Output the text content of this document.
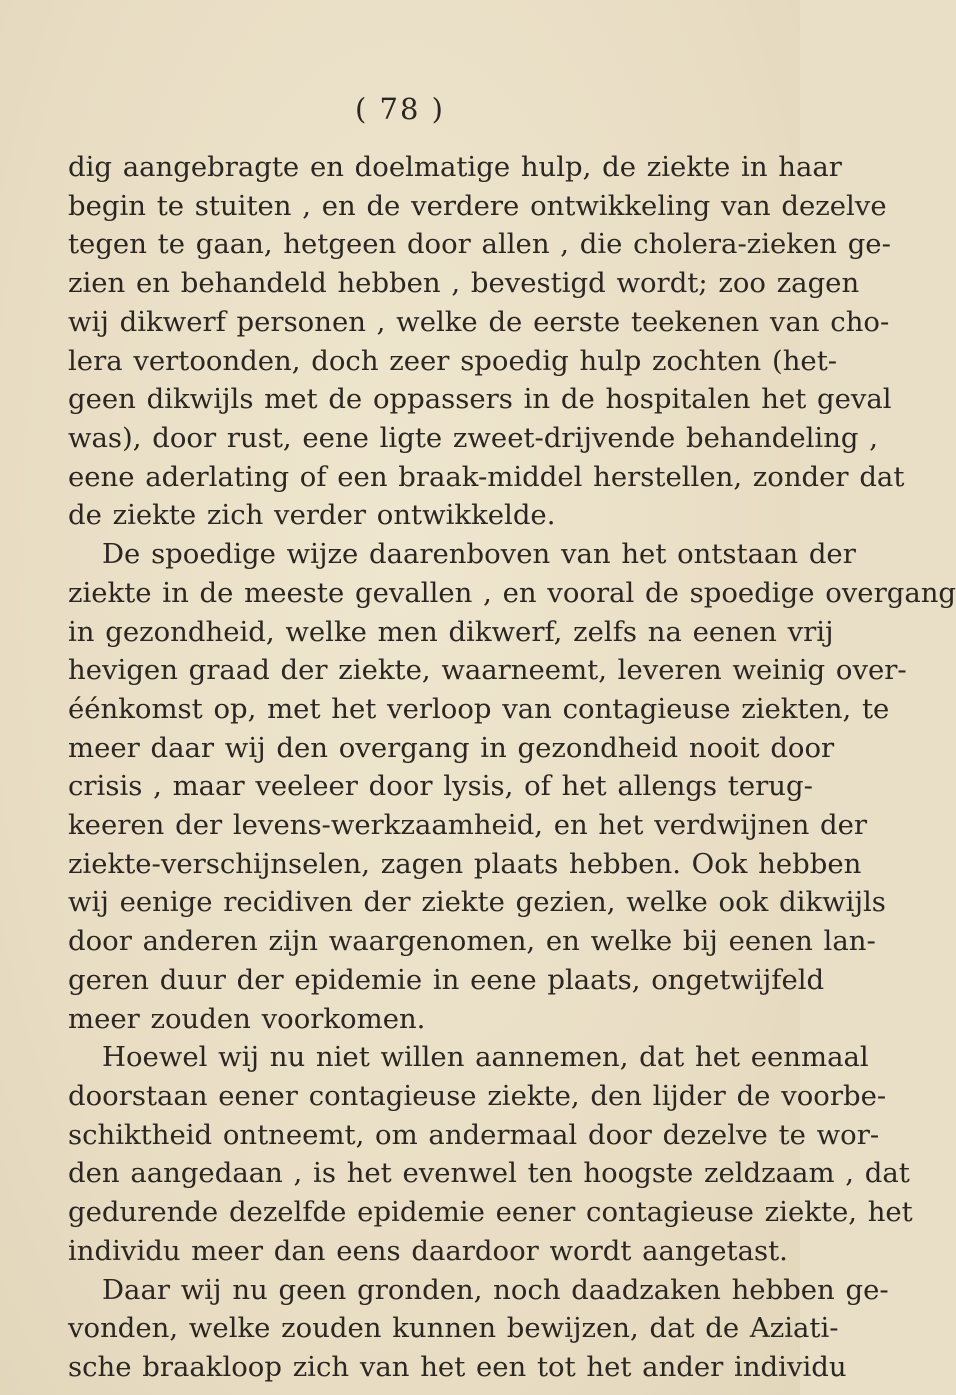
( 78 )
dig aangebragte en doelmatige hulp, de ziekte in haar
begin te stuiten , en de verdere ontwikkeling van dezelve
tegen te gaan, hetgeen door allen , die cholera-zieken ge-
zien en behandeld hebben , bevestigd wordt; zoo zagen
wij dikwerf personen , welke de eerste teekenen van cho-
lera vertoonden, doch zeer spoedig hulp zochten (het-
geen dikwijls met de oppassers in de hospitalen het geval
was), door rust, eene ligte zweet-drijvende behandeling ,
eene aderlating of een braak-middel herstellen, zonder dat
de ziekte zich verder ontwikkelde.
De spoedige wijze daarenboven van het ontstaan der
ziekte in de meeste gevallen , en vooral de spoedige overgang
in gezondheid, welke men dikwerf, zelfs na eenen vrij
hevigen graad der ziekte, waarneemt, leveren weinig over-
éénkomst op, met het verloop van contagieuse ziekten, te
meer daar wij den overgang in gezondheid nooit door
crisis , maar veeleer door lysis, of het allengs terug-
keeren der levens-werkzaamheid, en het verdwijnen der
ziekte-verschijnselen, zagen plaats hebben. Ook hebben
wij eenige recidiven der ziekte gezien, welke ook dikwijls
door anderen zijn waargenomen, en welke bij eenen lan-
geren duur der epidemie in eene plaats, ongetwijfeld
meer zouden voorkomen.
Hoewel wij nu niet willen aannemen, dat het eenmaal
doorstaan eener contagieuse ziekte, den lijder de voorbe-
schiktheid ontneemt, om andermaal door dezelve te wor-
den aangedaan , is het evenwel ten hoogste zeldzaam , dat
gedurende dezelfde epidemie eener contagieuse ziekte, het
individu meer dan eens daardoor wordt aangetast.
Daar wij nu geen gronden, noch daadzaken hebben ge-
vonden, welke zouden kunnen bewijzen, dat de Aziati-
sche braakloop zich van het een tot het ander individu
